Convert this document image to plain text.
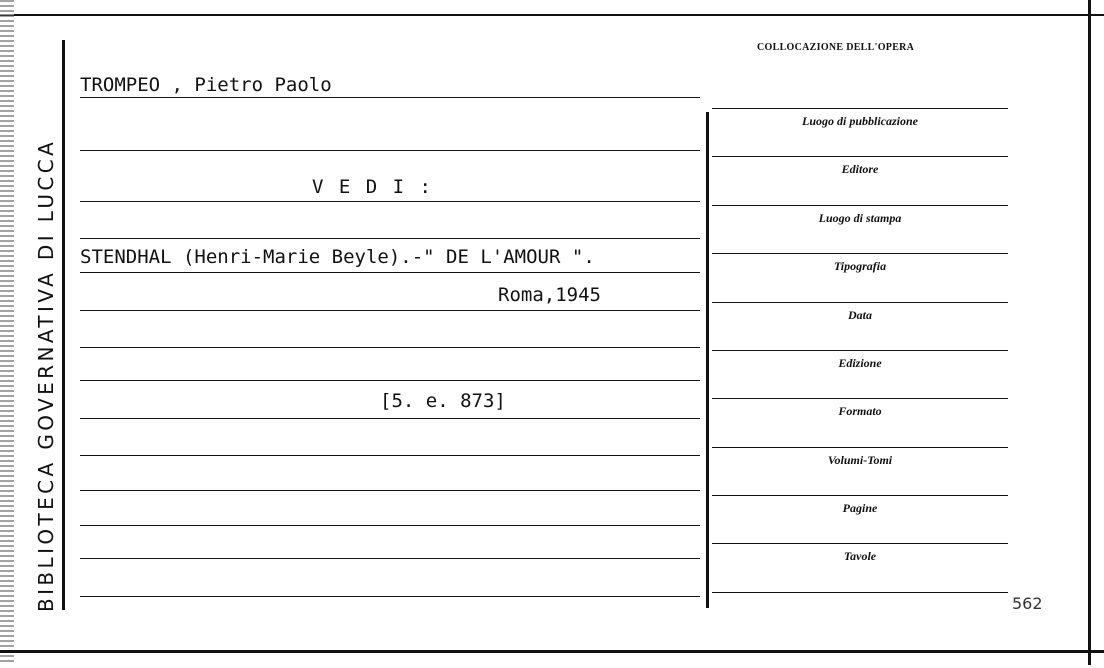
BIBLIOTECA GOVERNATIVA DI LUCCA
COLLOCAZIONE DELL'OPERA
TROMPEO , Pietro Paolo
V E D I :
STENDHAL (Henri-Marie Beyle).-" DE L'AMOUR ".
Roma,1945
[5. e. 873]
Luogo di pubblicazione
Editore
Luogo di stampa
Tipografia
Data
Edizione
Formato
Volumi-Tomi
Pagine
Tavole
562
